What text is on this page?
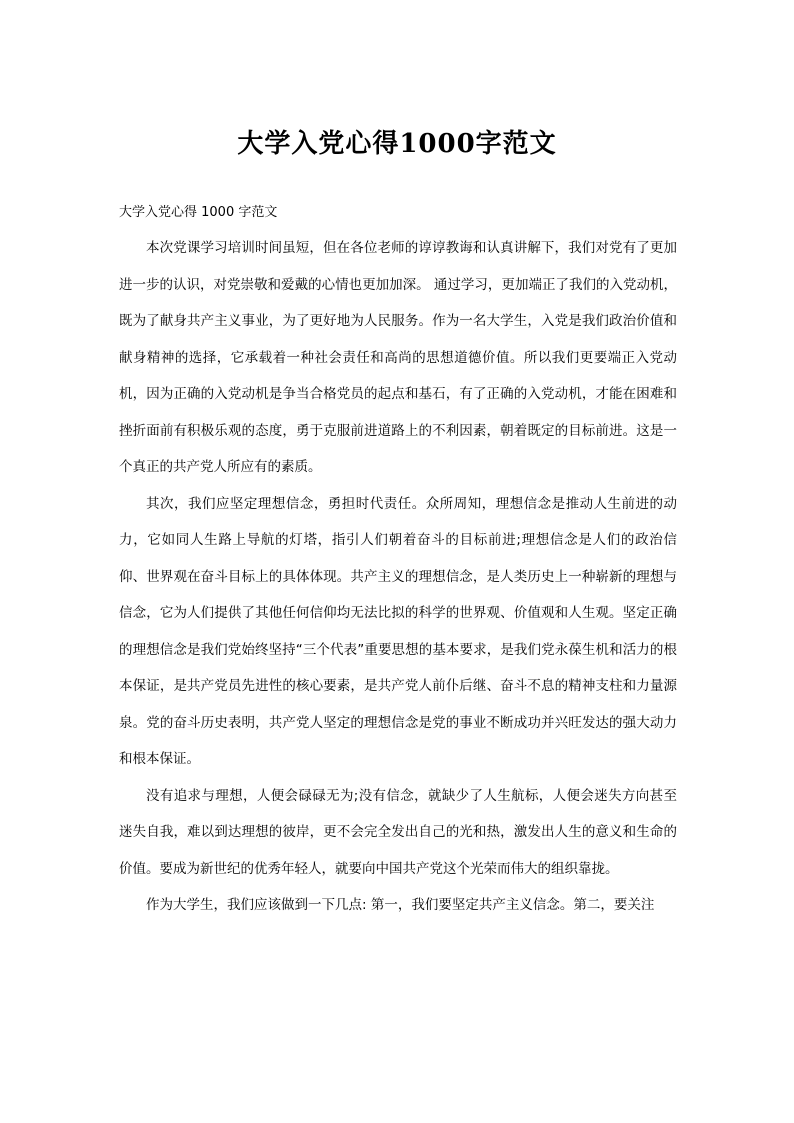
大学入党心得1000字范文

大学入党心得 1000 字范文

本次党课学习培训时间虽短，但在各位老师的谆谆教诲和认真讲解下，我们对党有了更加进一步的认识，对党崇敬和爱戴的心情也更加加深。 通过学习，更加端正了我们的入党动机，既为了献身共产主义事业，为了更好地为人民服务。作为一名大学生，入党是我们政治价值和献身精神的选择，它承载着一种社会责任和高尚的思想道德价值。所以我们更要端正入党动机，因为正确的入党动机是争当合格党员的起点和基石，有了正确的入党动机，才能在困难和挫折面前有积极乐观的态度，勇于克服前进道路上的不利因素，朝着既定的目标前进。这是一个真正的共产党人所应有的素质。

其次，我们应坚定理想信念，勇担时代责任。众所周知，理想信念是推动人生前进的动力，它如同人生路上导航的灯塔，指引人们朝着奋斗的目标前进;理想信念是人们的政治信仰、世界观在奋斗目标上的具体体现。共产主义的理想信念，是人类历史上一种崭新的理想与信念，它为人们提供了其他任何信仰均无法比拟的科学的世界观、价值观和人生观。坚定正确的理想信念是我们党始终坚持“三个代表”重要思想的基本要求，是我们党永葆生机和活力的根本保证，是共产党员先进性的核心要素，是共产党人前仆后继、奋斗不息的精神支柱和力量源泉。党的奋斗历史表明，共产党人坚定的理想信念是党的事业不断成功并兴旺发达的强大动力和根本保证。

没有追求与理想，人便会碌碌无为;没有信念，就缺少了人生航标，人便会迷失方向甚至迷失自我，难以到达理想的彼岸，更不会完全发出自己的光和热，激发出人生的意义和生命的价值。要成为新世纪的优秀年轻人，就要向中国共产党这个光荣而伟大的组织靠拢。

作为大学生，我们应该做到一下几点: 第一，我们要坚定共产主义信念。第二，要关注
